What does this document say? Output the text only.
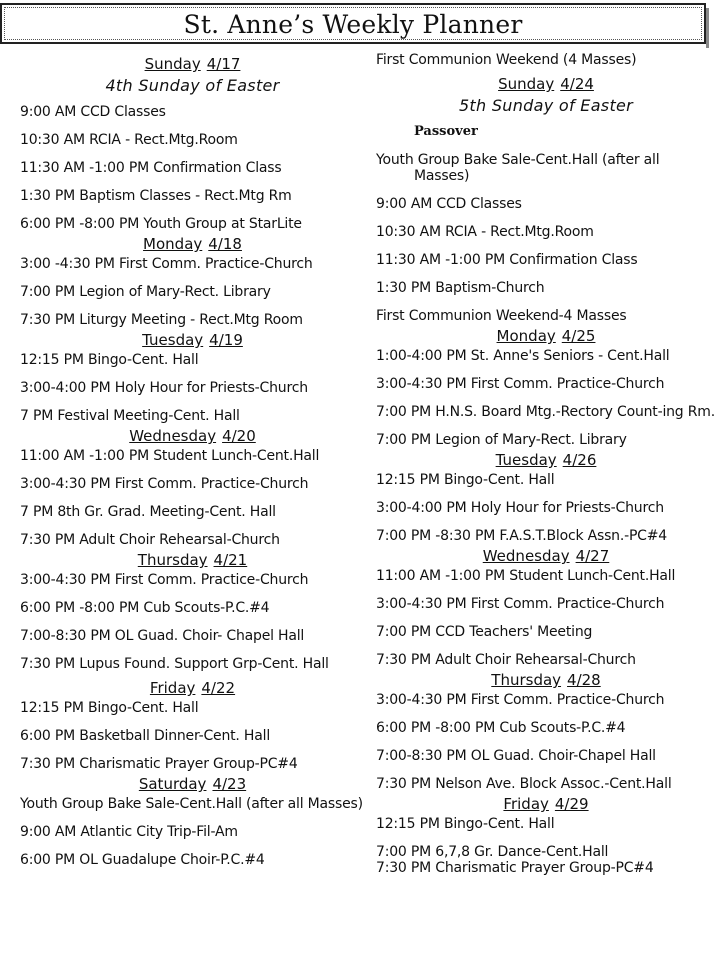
St. Anne’s Weekly Planner
Sunday 4/17
4th Sunday of Easter
9:00 AM CCD Classes
10:30 AM RCIA - Rect.Mtg.Room
11:30 AM -1:00 PM Confirmation Class
1:30 PM Baptism Classes - Rect.Mtg Rm
6:00 PM -8:00 PM Youth Group at StarLite
Monday 4/18
3:00 -4:30 PM First Comm. Practice-Church
7:00 PM Legion of Mary-Rect. Library
7:30 PM Liturgy Meeting - Rect.Mtg Room
Tuesday 4/19
12:15 PM Bingo-Cent. Hall
3:00-4:00 PM Holy Hour for Priests-Church
7 PM Festival Meeting-Cent. Hall
Wednesday 4/20
11:00 AM -1:00 PM Student Lunch-Cent.Hall
3:00-4:30 PM First Comm. Practice-Church
7 PM 8th Gr. Grad. Meeting-Cent. Hall
7:30 PM Adult Choir Rehearsal-Church
Thursday 4/21
3:00-4:30 PM First Comm. Practice-Church
6:00 PM -8:00 PM Cub Scouts-P.C.#4
7:00-8:30 PM OL Guad. Choir- Chapel Hall
7:30 PM Lupus Found. Support Grp-Cent. Hall
Friday 4/22
12:15 PM Bingo-Cent. Hall
6:00 PM Basketball Dinner-Cent. Hall
7:30 PM Charismatic Prayer Group-PC#4
Saturday 4/23
Youth Group Bake Sale-Cent.Hall (after all Masses)
9:00 AM Atlantic City Trip-Fil-Am
6:00 PM OL Guadalupe Choir-P.C.#4
First Communion Weekend (4 Masses)
Sunday 4/24
5th Sunday of Easter
Passover
Youth Group Bake Sale-Cent.Hall (after all Masses)
9:00 AM CCD Classes
10:30 AM RCIA - Rect.Mtg.Room
11:30 AM -1:00 PM Confirmation Class
1:30 PM Baptism-Church
First Communion Weekend-4 Masses
Monday 4/25
1:00-4:00 PM St. Anne's Seniors - Cent.Hall
3:00-4:30 PM First Comm. Practice-Church
7:00 PM H.N.S. Board Mtg.-Rectory Count-ing Rm.
7:00 PM Legion of Mary-Rect. Library
Tuesday 4/26
12:15 PM Bingo-Cent. Hall
3:00-4:00 PM Holy Hour for Priests-Church
7:00 PM -8:30 PM F.A.S.T.Block Assn.-PC#4
Wednesday 4/27
11:00 AM -1:00 PM Student Lunch-Cent.Hall
3:00-4:30 PM First Comm. Practice-Church
7:00 PM CCD Teachers' Meeting
7:30 PM Adult Choir Rehearsal-Church
Thursday 4/28
3:00-4:30 PM First Comm. Practice-Church
6:00 PM -8:00 PM Cub Scouts-P.C.#4
7:00-8:30 PM OL Guad. Choir-Chapel Hall
7:30 PM Nelson Ave. Block Assoc.-Cent.Hall
Friday 4/29
12:15 PM Bingo-Cent. Hall
7:00 PM 6,7,8 Gr. Dance-Cent.Hall
7:30 PM Charismatic Prayer Group-PC#4
